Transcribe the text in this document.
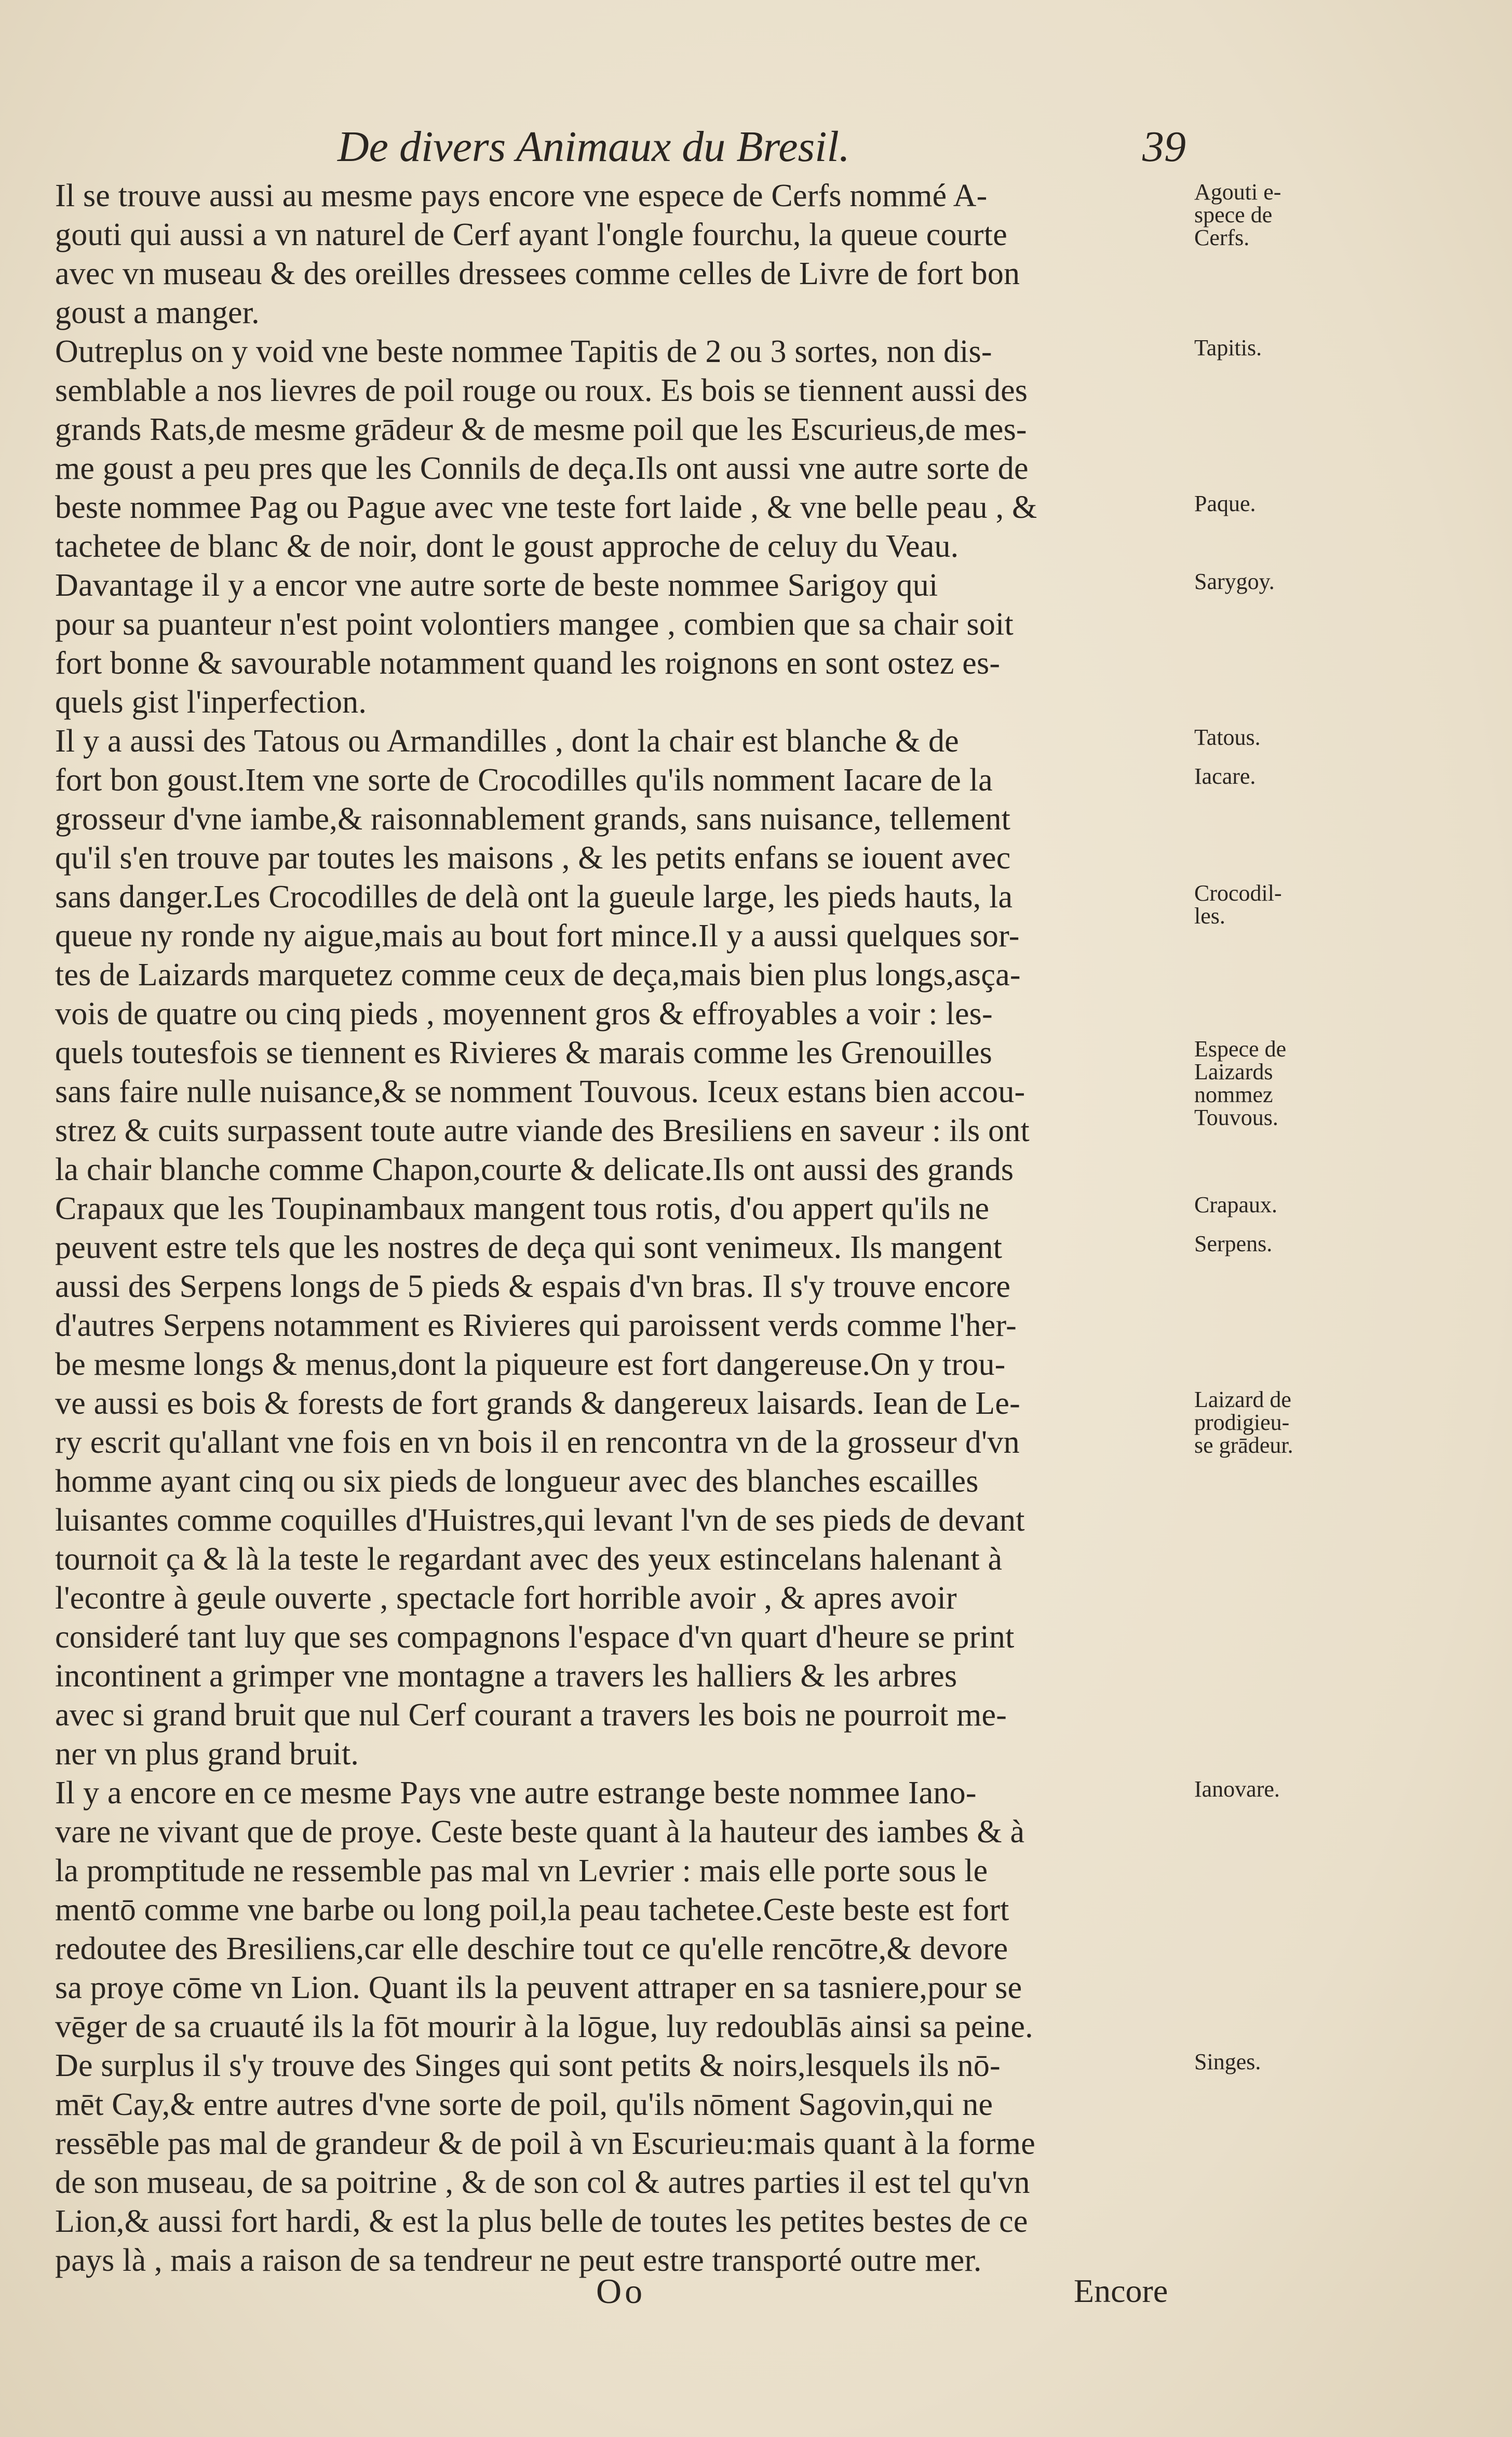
De divers Animaux du Bresil.	39
Il se trouve aussi au mesme pays encore vne espece de Cerfs nommé A-
gouti qui aussi a vn naturel de Cerf ayant l'ongle fourchu, la queue courte
avec vn museau & des oreilles dressees comme celles de Livre de fort bon
goust a manger.
Outreplus on y void vne beste nommee Tapitis de 2 ou 3 sortes, non dis-
semblable a nos lievres de poil rouge ou roux. Es bois se tiennent aussi des
grands Rats,de mesme grādeur & de mesme poil que les Escurieus,de mes-
me goust a peu pres que les Connils de deça.Ils ont aussi vne autre sorte de
beste nommee Pag ou Pague avec vne teste fort laide , & vne belle peau , &
tachetee de blanc & de noir, dont le goust approche de celuy du Veau.
Davantage il y a encor vne autre sorte de beste nommee Sarigoy qui
pour sa puanteur n'est point volontiers mangee , combien que sa chair soit
fort bonne & savourable notamment quand les roignons en sont ostez es-
quels gist l'inperfection.
Il y a aussi des Tatous ou Armandilles , dont la chair est blanche & de
fort bon goust.Item vne sorte de Crocodilles qu'ils nomment Iacare de la
grosseur d'vne iambe,& raisonnablement grands, sans nuisance, tellement
qu'il s'en trouve par toutes les maisons , & les petits enfans se iouent avec
sans danger.Les Crocodilles de delà ont la gueule large, les pieds hauts, la
queue ny ronde ny aigue,mais au bout fort mince.Il y a aussi quelques sor-
tes de Laizards marquetez comme ceux de deça,mais bien plus longs,asça-
vois de quatre ou cinq pieds , moyennent gros & effroyables a voir : les-
quels toutesfois se tiennent es Rivieres & marais comme les Grenouilles
sans faire nulle nuisance,& se nomment Touvous. Iceux estans bien accou-
strez & cuits surpassent toute autre viande des Bresiliens en saveur : ils ont
la chair blanche comme Chapon,courte & delicate.Ils ont aussi des grands
Crapaux que les Toupinambaux mangent tous rotis, d'ou appert qu'ils ne
peuvent estre tels que les nostres de deça qui sont venimeux. Ils mangent
aussi des Serpens longs de 5 pieds & espais d'vn bras. Il s'y trouve encore
d'autres Serpens notamment es Rivieres qui paroissent verds comme l'her-
be mesme longs & menus,dont la piqueure est fort dangereuse.On y trou-
ve aussi es bois & forests de fort grands & dangereux laisards. Iean de Le-
ry escrit qu'allant vne fois en vn bois il en rencontra vn de la grosseur d'vn
homme ayant cinq ou six pieds de longueur avec des blanches escailles
luisantes comme coquilles d'Huistres,qui levant l'vn de ses pieds de devant
tournoit ça & là la teste le regardant avec des yeux estincelans halenant à
l'econtre à geule ouverte , spectacle fort horrible avoir , & apres avoir
consideré tant luy que ses compagnons l'espace d'vn quart d'heure se print
incontinent a grimper vne montagne a travers les halliers & les arbres
avec si grand bruit que nul Cerf courant a travers les bois ne pourroit me-
ner vn plus grand bruit.
Il y a encore en ce mesme Pays vne autre estrange beste nommee Iano-
vare ne vivant que de proye. Ceste beste quant à la hauteur des iambes & à
la promptitude ne ressemble pas mal vn Levrier : mais elle porte sous le
mentō comme vne barbe ou long poil,la peau tachetee.Ceste beste est fort
redoutee des Bresiliens,car elle deschire tout ce qu'elle rencōtre,& devore
sa proye cōme vn Lion. Quant ils la peuvent attraper en sa tasniere,pour se
vēger de sa cruauté ils la fōt mourir à la lōgue, luy redoublās ainsi sa peine.
De surplus il s'y trouve des Singes qui sont petits & noirs,lesquels ils nō-
mēt Cay,& entre autres d'vne sorte de poil, qu'ils nōment Sagovin,qui ne
ressēble pas mal de grandeur & de poil à vn Escurieu:mais quant à la forme
de son museau, de sa poitrine , & de son col & autres parties il est tel qu'vn
Lion,& aussi fort hardi, & est la plus belle de toutes les petites bestes de ce
pays là , mais a raison de sa tendreur ne peut estre transporté outre mer.
Agouti e-
spece de
Cerfs.
Tapitis.
Paque.
Sarygoy.
Tatous.
Iacare.
Crocodil-
les.
Espece de
Laizards
nommez
Touvous.
Crapaux.
Serpens.
Laizard de
prodigieu-
se grādeur.
Ianovare.
Singes.
Oo	Encore
